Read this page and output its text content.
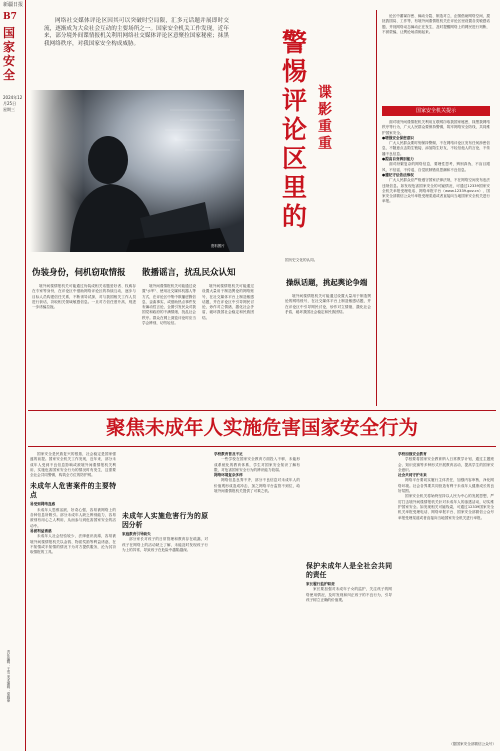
新疆日报
B7
国家安全
2024年12月25日
星期三
责任编辑：王雪 美术编辑：梁雅丽

网络社交媒体评论区因其可以突破时空局限，汇多元话题并展即时交流，逐渐成为大众社会互动的主要场所之一。国家安全机关工作发现，近年来，部分境外间谍情报机关利用网络社交媒体评论区意聚拉国家秘密；抹黑我网络秩序，对我国家安全构成威胁。

资料图片
警惕评论区里的
谍影重重

论区中蓄谋窃密、煽动分裂、制造对立，企图借助网络空间，搅扰我国局、工作等，有境外间谍情报机关在评论区里设置各类敏感话题，并视网络动态煽动正在发生，及时提醒网络上的网民进行判断，不被蒙骗，让舆论场清朗起来。

国家安全机关提示

面对境外间谍情报机关利用互联网窃取我国家秘密，抹黑我网络秩序等行为，广大人民群众要保持警惕，筑牢网络安全防线，共同维护国家安全。

●增强安全保密意识

广大人民群众要时刻保持警惕，不在网络评论区发布任何涉密信息，不随意点击陌生链接、添加陌生好友，不轻信他人的言论，不传播不良信息。

●提高自身辨别能力

面对纷繁复杂的网络信息，要理性思考，辨别真伪，不盲目跟风，不信谣、不传谣，自觉抵制错误思潮和不良信息。

●遵纪守法依法维权

广大人民群众应严格遵守国家法律法规，不在网络空间发布违法违规信息。如发现危害国家安全的可疑情况，可通过12339国家安全机关举报受理电话、网络举报平台（www.12339.gov.cn）、国家安全部微信公众号举报受理渠道或者直接向当地国家安全机关进行举报。

伪装身份，伺机窃取情报

境外间谍情报机关可能通过伪装成相关话题爱好者、权威存在专家等身份，在评论区中借助网络评论区的持续互动，逐步与目标人员构建信任关系，不断诱导试探，对与我国相关工作人员进行套话，窃取相关领域敏感信息。一旦对方信任度升高，则进一步诱骗拉拢。

散播谣言，扰乱民众认知

境外间谍情报机关可能通过设置"水军"、使用社交媒体机器人等方式，在评论区中集中散播虚假信息、歪曲事实，或借助热点事件发布煽动性言论，企图引发民众对我国党和政府的不满情绪，扰乱社会秩序。群众在网上浏览评论时应当学会辨别，切勿轻信。

境外间谍情报机关可能通过设置大量用于制造舆论的网络账号，在社交媒体平台上制造敏感话题，并在评论区中引导网民讨论，炒作对立情绪，激化社会矛盾，破坏我国社会稳定和民族团结。

国历史文化的认同。
操纵话题，挑起舆论争端

境外间谍情报机关可能通过设置大量用于制造舆论的网络账号，在社交媒体平台上制造敏感话题，并在评论区中引导网民讨论，炒作对立情绪，激化社会矛盾，破坏我国社会稳定和民族团结。

聚焦未成年人实施危害国家安全行为

国家安全是民族复兴的根基，社会稳定是国家强盛的前提。国家安全机关工作发现，近年来，部分未成年人受到不良信息影响或被境外间谍情报机关利用，实施危害国家安全行为的情况时有发生，这需要全社会共同警惕，构筑全方位的防护网。

未成年人危害案件的主要特点
易受到网络蛊惑

未成年人思维活跃，好奇心强，容易被网络上的各种信息所吸引。部分未成年人缺乏辨别能力，容易被别有用心之人利用，从而参与到危害国家安全的活动中。

易被利益诱惑

未成年人社会经验较少，法律意识淡薄，容易被境外间谍情报机关以金钱、物质奖励等利益诱惑，在不知情或半知情的情况下为对方提供服务，沦为其窃取情报的工具。

未成年人实施危害行为的原因分析
家庭教育引导缺失

部分家长对孩子的日常管理和教育存在疏漏，对孩子在网络上的活动缺乏了解，未能及时发现孩子行为上的异常，导致孩子在危险中越陷越深。

学校教育普及不足

一些学校在国家安全教育方面投入不够，未能形成系统化的教育体系，学生对国家安全知识了解有限，对危害国家安全行为的辨识能力较弱。

网络环境复杂多样

网络信息良莠不齐，部分不良信息对未成年人的价值观形成造成冲击，加之网络平台监管不到位，给境外间谍情报机关提供了可乘之机。

保护未成年人是全社会共同的责任
家长履行监护职责

家长要加强对未成年子女的监护，关注孩子的网络使用情况，及时发现和纠正孩子的不良行为，引导孩子树立正确的价值观。

学校加强安全教育

学校要将国家安全教育纳入日常教学计划，通过主题班会、知识竞赛等多种形式开展教育活动，提高学生的国家安全意识。

社会共同守护未来

网络平台要切实履行主体责任，加强内容审核，净化网络环境。社会各界要共同营造有利于未成年人健康成长的良好氛围。

国家安全机关将始终坚持以人民为中心的发展思想，严厉打击境外间谍情报机关针对未成年人的渗透活动，切实维护国家安全。如发现相关可疑线索，可通过12339国家安全机关举报受理电话、网络举报平台、国家安全部微信公众号举报受理渠道或者直接向当地国家安全机关进行举报。

（据国家安全部微信公众号）
